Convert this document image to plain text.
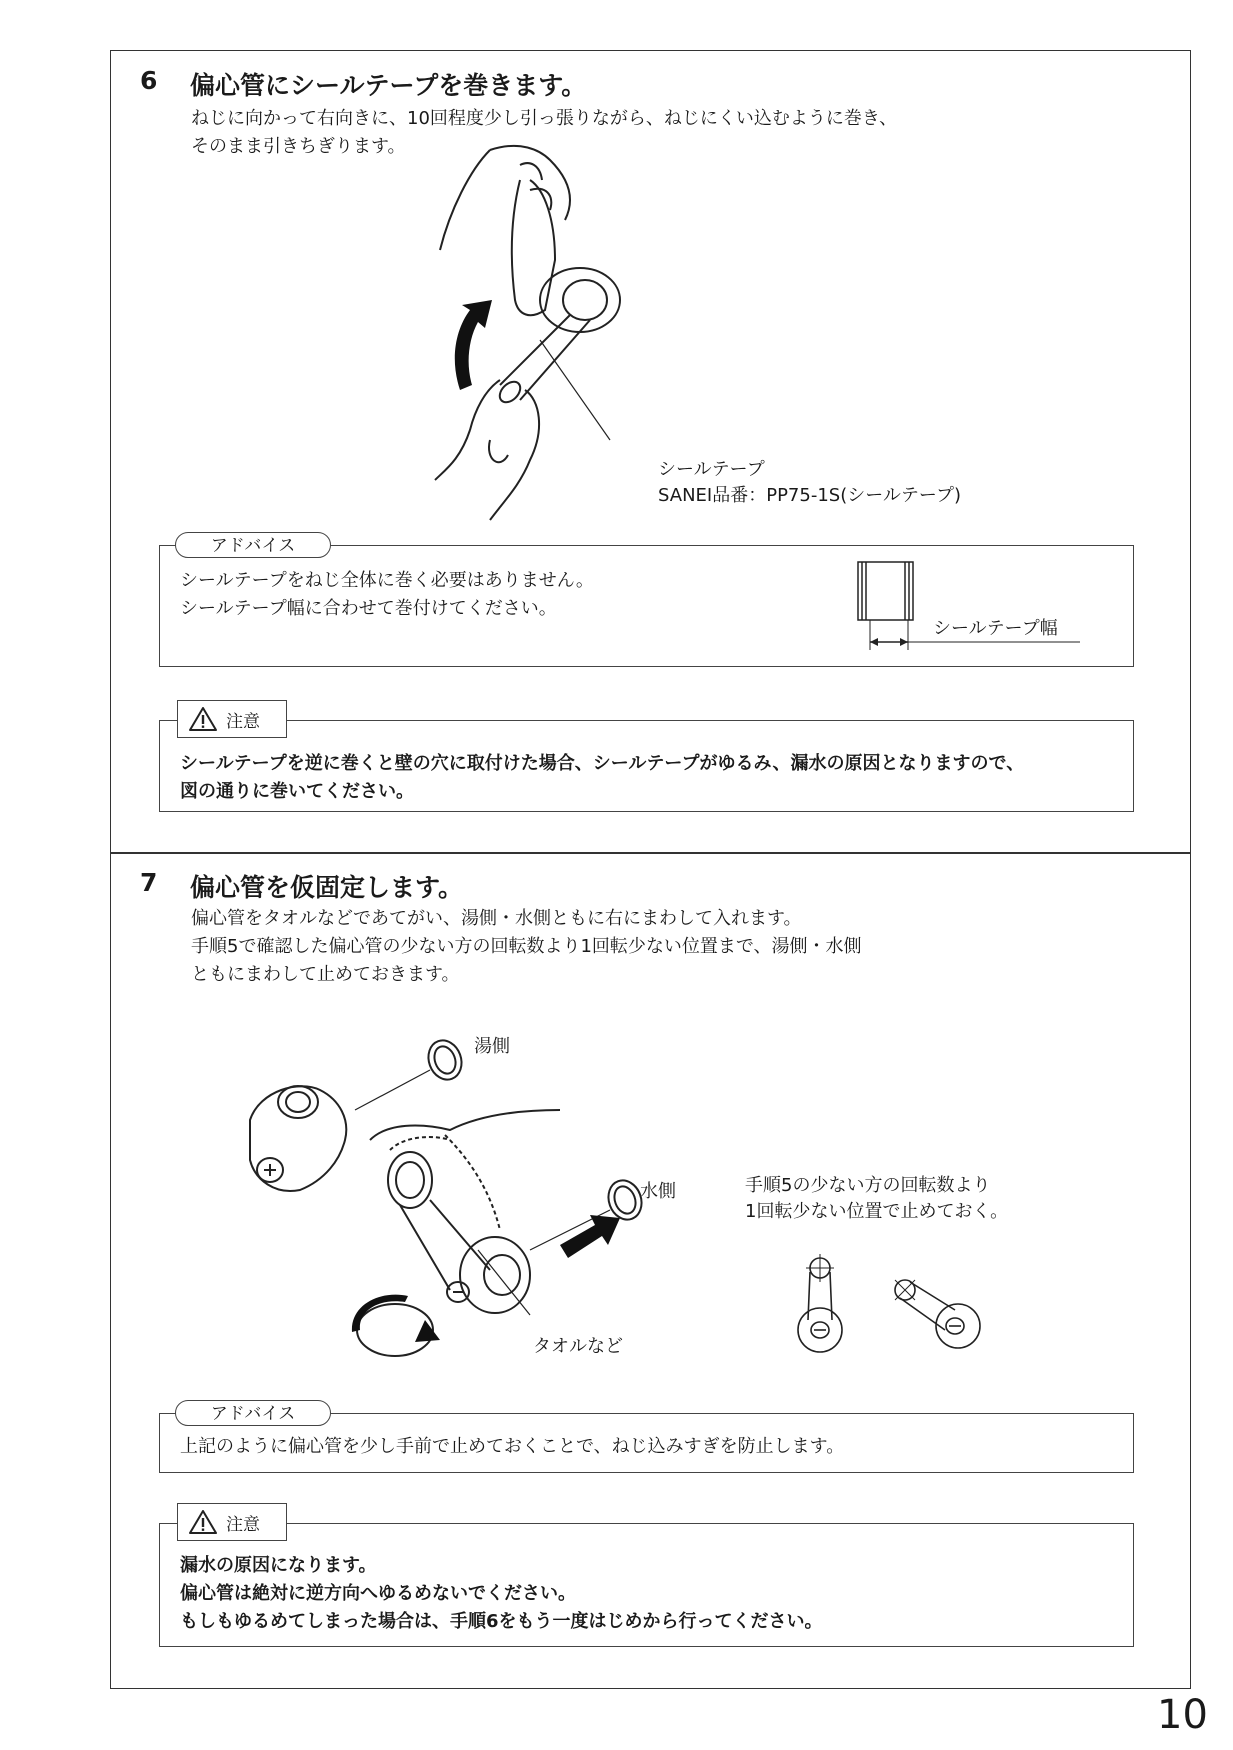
6 偏心管にシールテープを巻きます。
ねじに向かって右向きに、10回程度少し引っ張りながら、ねじにくい込むように巻き、
そのまま引きちぎります。
シールテープ
SANEI品番：PP75-1S(シールテープ)
アドバイス
シールテープをねじ全体に巻く必要はありません。
シールテープ幅に合わせて巻付けてください。
シールテープ幅
注意
シールテープを逆に巻くと壁の穴に取付けた場合、シールテープがゆるみ、漏水の原因となりますので、
図の通りに巻いてください。
7 偏心管を仮固定します。
偏心管をタオルなどであてがい、湯側・水側ともに右にまわして入れます。
手順5で確認した偏心管の少ない方の回転数より1回転少ない位置まで、湯側・水側
ともにまわして止めておきます。
湯側
水側
タオルなど
手順5の少ない方の回転数より
1回転少ない位置で止めておく。
アドバイス
上記のように偏心管を少し手前で止めておくことで、ねじ込みすぎを防止します。
注意
漏水の原因になります。
偏心管は絶対に逆方向へゆるめないでください。
もしもゆるめてしまった場合は、手順6をもう一度はじめから行ってください。
10
